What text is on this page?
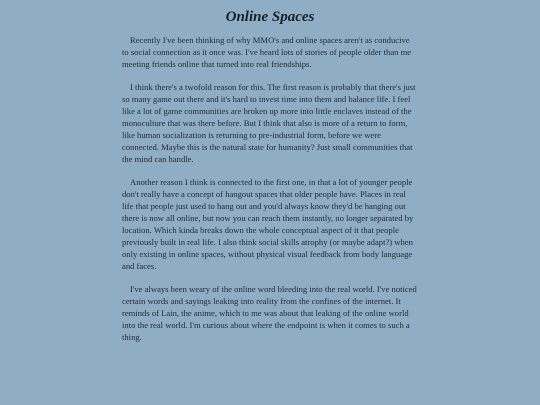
Online Spaces

Recently I've been thinking of why MMO's and online spaces aren't as conducive to social connection as it once was. I've heard lots of stories of people older than me meeting friends online that turned into real friendships.

I think there's a twofold reason for this. The first reason is probably that there's just so many game out there and it's hard to invest time into them and balance life. I feel like a lot of game communities are broken up more into little enclaves instead of the monoculture that was there before. But I think that also is more of a return to form, like human socialization is returning to pre-industrial form, before we were connected. Maybe this is the natural state for humanity? Just small communities that the mind can handle.

Another reason I think is connected to the first one, in that a lot of younger people don't really have a concept of hangout spaces that older people have. Places in real life that people just used to hang out and you'd always know they'd be hanging out there is now all online, but now you can reach them instantly, no longer separated by location. Which kinda breaks down the whole conceptual aspect of it that people previously built in real life. I also think social skills atrophy (or maybe adapt?) when only existing in online spaces, without physical visual feedback from body language and faces.

I've always been weary of the online word bleeding into the real world. I've noticed certain words and sayings leaking into reality from the confines of the internet. It reminds of Lain, the anime, which to me was about that leaking of the online world into the real world. I'm curious about where the endpoint is when it comes to such a thing.
